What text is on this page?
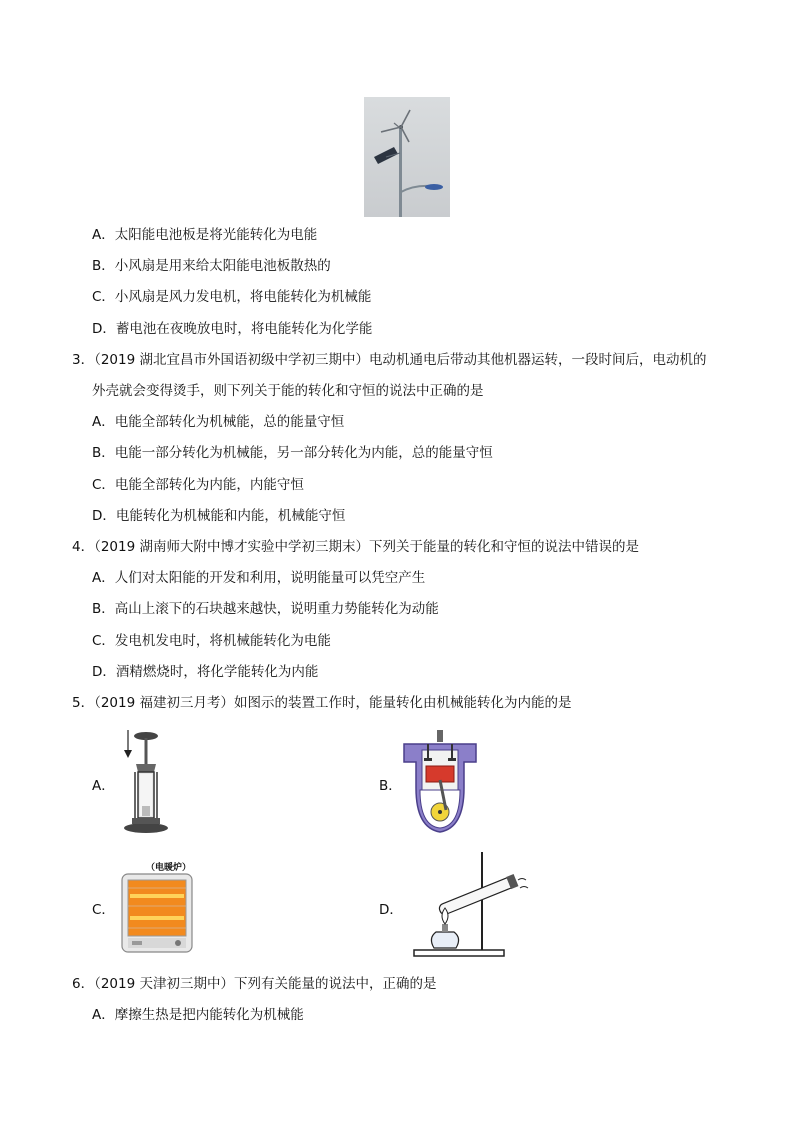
A．太阳能电池板是将光能转化为电能
B．小风扇是用来给太阳能电池板散热的
C．小风扇是风力发电机，将电能转化为机械能
D．蓄电池在夜晚放电时，将电能转化为化学能
3．（2019 湖北宜昌市外国语初级中学初三期中）电动机通电后带动其他机器运转，一段时间后，电动机的
外壳就会变得烫手，则下列关于能的转化和守恒的说法中正确的是
A．电能全部转化为机械能，总的能量守恒
B．电能一部分转化为机械能，另一部分转化为内能，总的能量守恒
C．电能全部转化为内能，内能守恒
D．电能转化为机械能和内能，机械能守恒
4．（2019 湖南师大附中博才实验中学初三期末）下列关于能量的转化和守恒的说法中错误的是
A．人们对太阳能的开发和利用，说明能量可以凭空产生
B．高山上滚下的石块越来越快，说明重力势能转化为动能
C．发电机发电时，将机械能转化为电能
D．酒精燃烧时，将化学能转化为内能
5．（2019 福建初三月考）如图示的装置工作时，能量转化由机械能转化为内能的是
A．	B．
（电暖炉）
C．	D．
6．（2019 天津初三期中）下列有关能量的说法中，正确的是
A．摩擦生热是把内能转化为机械能
